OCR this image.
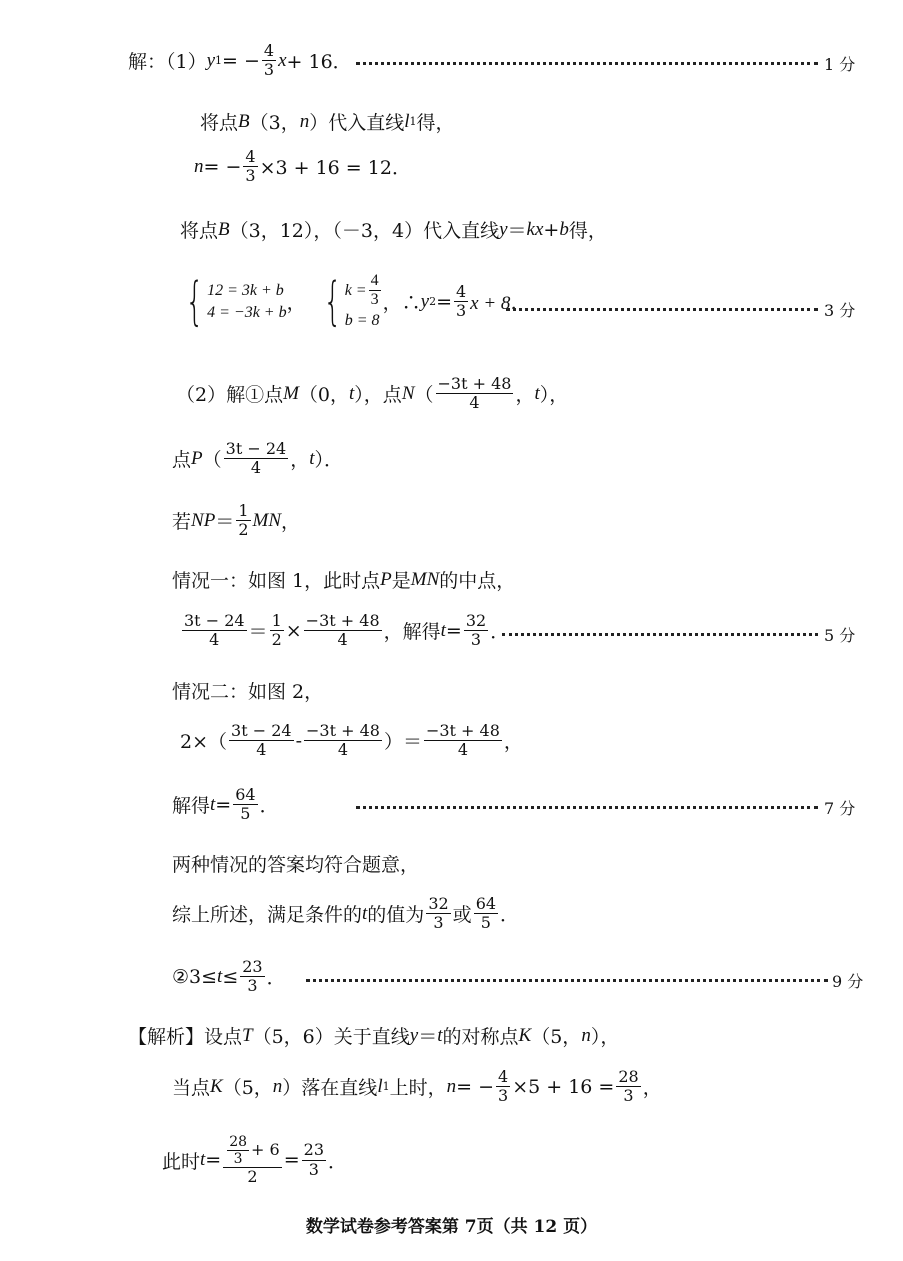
解：（1） y 1 = − $\frac{4}{3}$ x + 16．	1 分
将点 B （3， n ）代入直线 l 1 得，
n = − $\frac{4}{3} \times 3 + 16 = 12$．
将点 B （3，12），（－3，4）代入直线 y ＝ kx + b 得，
{ 12 = 3k + b
4 = −3k + b ， { $k = \frac{4}{3}$
b = 8
，∴ y $2 = \frac{4}{3}$ x + 8．	3 分
（2）解①点 M （0， t ），点 N （ $\frac{-3t + 48}{4}$ ， t ），
点 P （ $\frac{3t - 24}{4}$ ， t ）．
若 NP ＝ $\frac{1}{2}$ MN ，
情况一：如图 1，此时点 P 是 MN 的中点，
$\frac{3t - 24}{4} = \frac{1}{2} \times \frac{-3t + 48}{4}$ ，解得 $t = \frac{32}{3}$ ．	5 分
情况二：如图 2，
$2\times( \frac{3t - 24}{4} - \frac{-3t + 48}{4}$ ）＝ $\frac{-3t + 48}{4}$ ，
解得 $t = \frac{64}{5}$ ．	7 分
两种情况的答案均符合题意，
综上所述，满足条件的 t 的值为 $\frac{32}{3}$ 或 $\frac{64}{5}$ ．
②3≤ $t \le \frac{23}{3}$ ．	9 分
【解析】设点 T （5，6）关于直线 y ＝ t 的对称点 K （5， n ），
当点 K （5， n ）落在直线 l 1 上时， n = − $\frac{4}{3} \times 5 + 16 = \frac{28}{3}$ ，
此时 $t = \frac{\frac{28}{3} + 6}{2} = \frac{23}{3}$ ．
数学试卷参考答案第 7页（共 12 页）
